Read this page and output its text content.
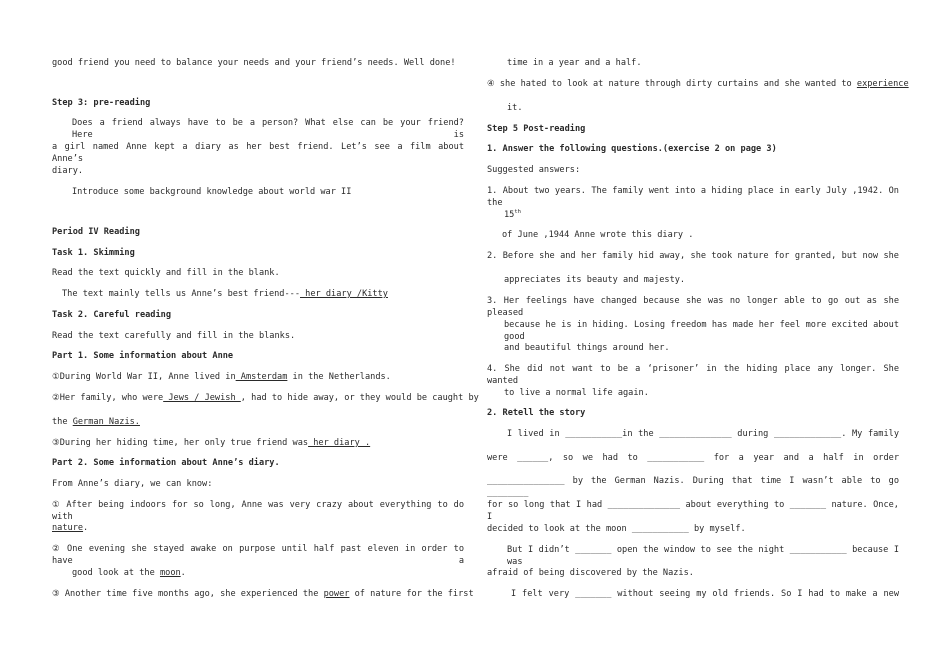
good friend you need to balance your needs and your friend’s needs. Well done!
Step 3: pre-reading
Does a friend always have to be a person? What else can be your friend? Here is
a girl named Anne kept a diary as her best friend. Let’s see a film about Anne’s
diary.
Introduce some background knowledge about world war II
Period IV Reading
Task 1. Skimming
Read the text quickly and fill in the blank.
The text mainly tells us Anne’s best friend--- her diary /Kitty
Task 2. Careful reading
Read the text carefully and fill in the blanks.
Part 1. Some information about Anne
①During World War II, Anne lived in Amsterdam in the Netherlands.
②Her family, who were Jews / Jewish , had to hide away, or they would be caught by
the German Nazis.
③During her hiding time, her only true friend was her diary .
Part 2. Some information about Anne’s diary.
From Anne’s diary, we can know:
① After being indoors for so long, Anne was very crazy about everything to do with
nature.
② One evening she stayed awake on purpose until half past eleven in order to have a
good look at the moon.
③ Another time five months ago, she experienced the power of nature for the first
time in a year and a half.
④ she hated to look at nature through dirty curtains and she wanted to experience
it.
Step 5 Post-reading
1. Answer the following questions.(exercise 2 on page 3)
Suggested answers:
1. About two years. The family went into a hiding place in early July ,1942. On the
15th
of June ,1944 Anne wrote this diary .
2. Before she and her family hid away, she took nature for granted, but now she
appreciates its beauty and majesty.
3. Her feelings have changed because she was no longer able to go out as she pleased
because he is in hiding. Losing freedom has made her feel more excited about good
and beautiful things around her.
4. She did not want to be a ‘prisoner’ in the hiding place any longer. She wanted
to live a normal life again.
2. Retell the story
I lived in ___________in the ______________ during _____________. My family
were ______, so we had to ___________ for a year and a half in order
_______________ by the German Nazis. During that time I wasn’t able to go ________
for so long that I had ______________ about everything to _______ nature. Once, I
decided to look at the moon ___________ by myself.
But I didn’t _______ open the window to see the night ___________ because I was
afraid of being discovered by the Nazis.
I felt very _______ without seeing my old friends. So I had to make a new
